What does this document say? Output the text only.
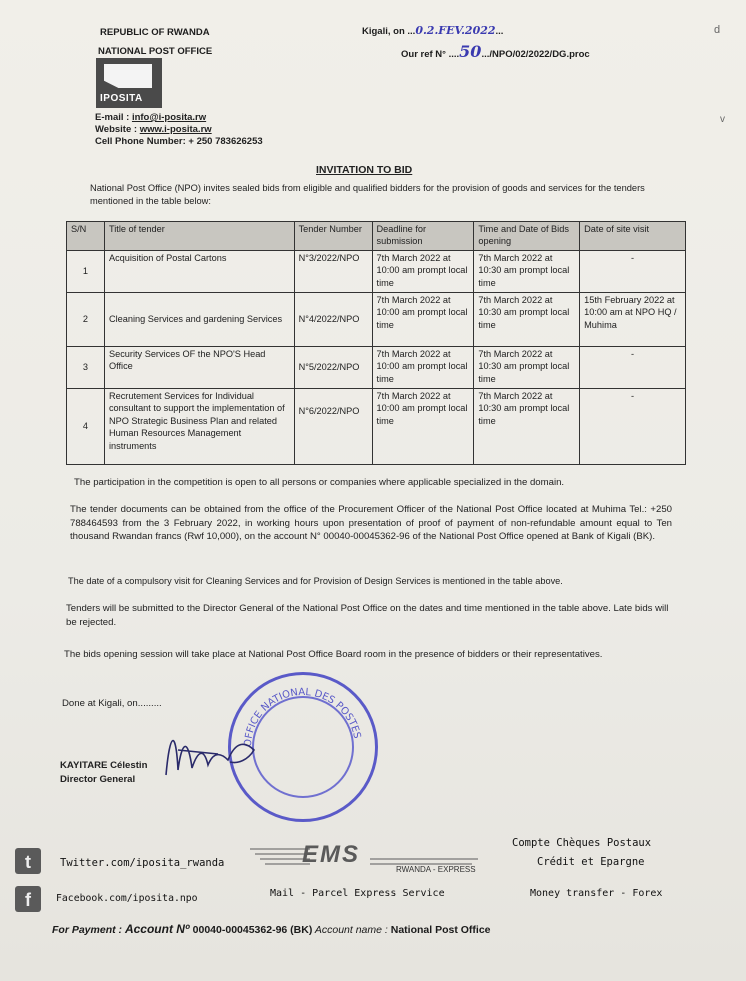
REPUBLIC OF RWANDA
NATIONAL POST OFFICE
Kigali, on ...0.2.FEV.2022...
Our ref N° ....50.../NPO/02/2022/DG.proc
d
v
IPOSITA
E-mail : info@i-posita.rw
Website : www.i-posita.rw
Cell Phone Number: + 250 783626253
INVITATION TO BID
National Post Office (NPO) invites sealed bids from eligible and qualified bidders for the provision of goods and services for the tenders mentioned in the table below:
S/N	Title of tender	Tender Number	Deadline for submission	Time and Date of Bids opening	Date of site visit
1	Acquisition of Postal Cartons	N°3/2022/NPO	7th March 2022 at 10:00 am prompt local time	7th March 2022 at 10:30 am prompt local time	-
2	Cleaning Services and gardening Services	N°4/2022/NPO	7th March 2022 at 10:00 am prompt local time	7th March 2022 at 10:30 am prompt local time	15th February 2022 at 10:00 am at NPO HQ / Muhima
3	Security Services OF the NPO'S Head Office	N°5/2022/NPO	7th March 2022 at 10:00 am prompt local time	7th March 2022 at 10:30 am prompt local time	-
4	Recrutement Services for Individual consultant to support the implementation of NPO Strategic Business Plan and related Human Resources Management instruments	N°6/2022/NPO	7th March 2022 at 10:00 am prompt local time	7th March 2022 at 10:30 am prompt local time	-
The participation in the competition is open to all persons or companies where applicable specialized in the domain.
The tender documents can be obtained from the office of the Procurement Officer of the National Post Office located at Muhima Tel.: +250 788464593 from the 3 February 2022, in working hours upon presentation of proof of payment of non-refundable amount equal to Ten thousand Rwandan francs (Rwf 10,000), on the account N° 00040-00045362-96 of the National Post Office opened at Bank of Kigali (BK).
The date of a compulsory visit for Cleaning Services and for Provision of Design Services is mentioned in the table above.
Tenders will be submitted to the Director General of the National Post Office on the dates and time mentioned in the table above. Late bids will be rejected.
The bids opening session will take place at National Post Office Board room in the presence of bidders or their representatives.
Done at Kigali, on.........
OFFICE NATIONAL DES POSTES
KAYITARE Célestin
Director General
t	Twitter.com/iposita_rwanda
f	Facebook.com/iposita.npo
EMS
RWANDA - EXPRESS
Mail - Parcel Express Service
Compte Chèques Postaux
Crédit et Epargne
Money transfer - Forex
For Payment : Account Nº 00040-00045362-96 (BK) Account name : National Post Office
